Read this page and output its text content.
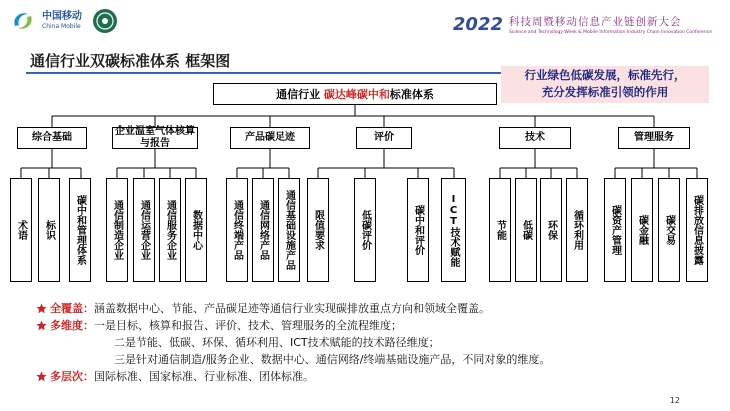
中国移动
China Mobile	2022 科技周暨移动信息产业链创新大会
Science and Technology Week & Mobile Information Industry Chain Innovation Conference
通信行业双碳标准体系 框架图
行业绿色低碳发展，标准先行，
充分发挥标准引领的作用
通信行业 碳达峰碳中和 标准体系
综合基础
企业温室气体核算与报告
产品碳足迹	评价	技术	管理服务
术语	标识	碳中和管理体系	通信制造企业	通信运营企业	通信服务企业	数据中心	通信终端产品	通信网络产品	通信基础设施产品	限值要求	低碳评价	碳中和评价	ICT技术赋能	节能	低碳	环保	循环利用	碳资产管理	碳金融	碳交易	碳排放信息披露
全覆盖： 涵盖数据中心、节能、产品碳足迹等通信行业实现碳排放重点方向和领域全覆盖。
多维度： 一是目标、核算和报告、评价、技术、管理服务的全流程维度；
二是节能、低碳、环保、循环利用、ICT技术赋能的技术路径维度；
三是针对通信制造/服务企业、数据中心、通信网络/终端基础设施产品，不同对象的维度。
多层次： 国际标准、国家标准、行业标准、团体标准。
12
